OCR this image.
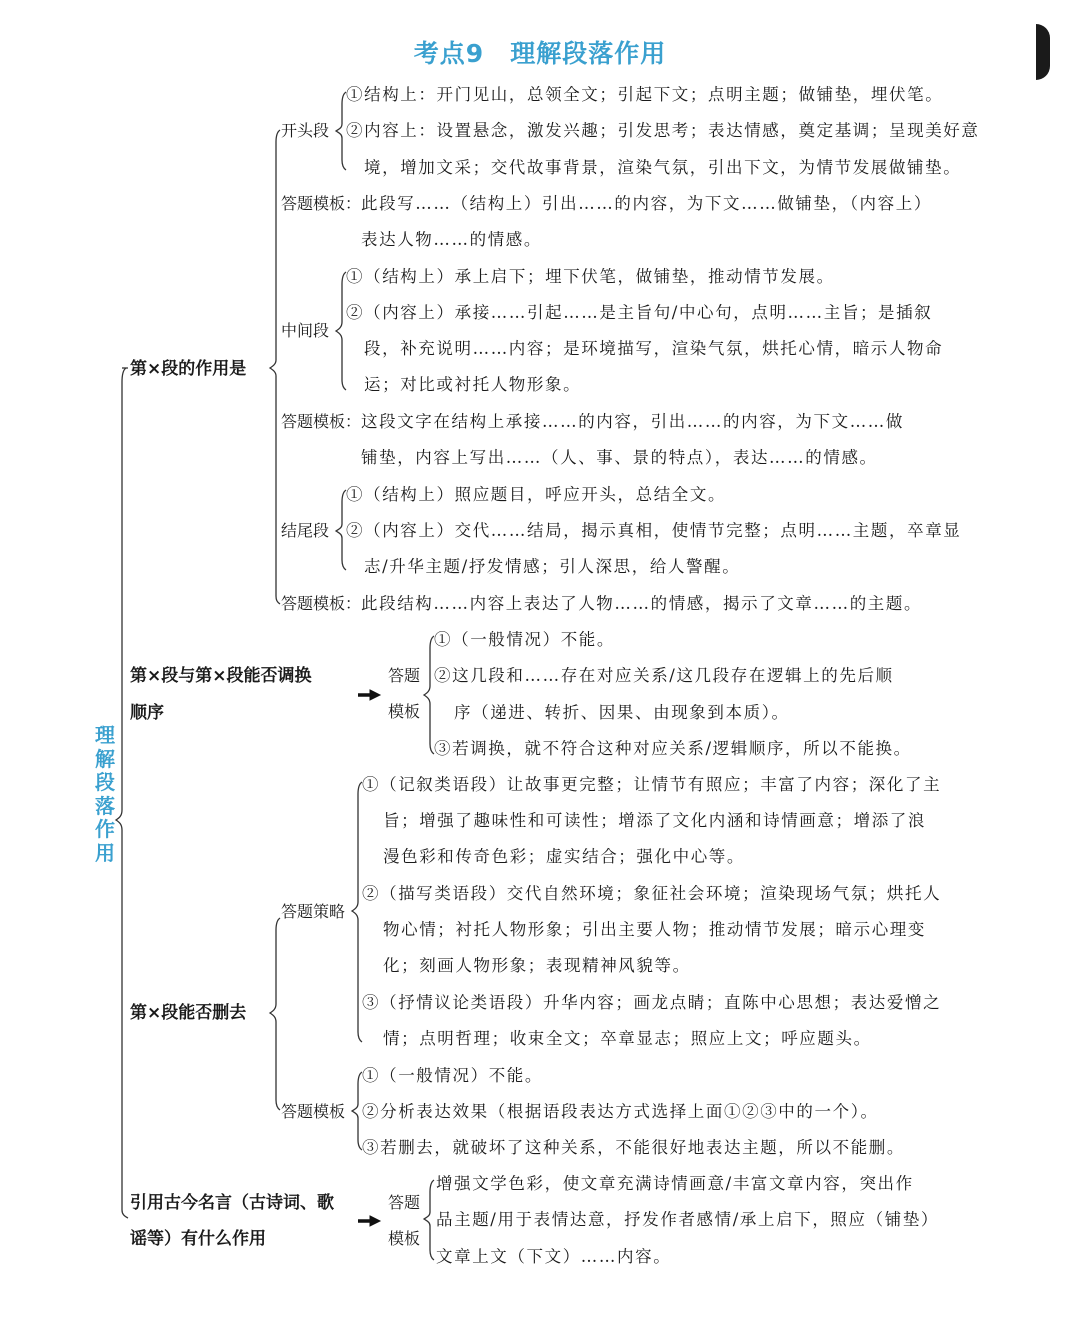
考点9　理解段落作用
理
解
段
落
作
用
第×段的作用是
开头段
①结构上：开门见山，总领全文；引起下文；点明主题；做铺垫，埋伏笔。
②内容上：设置悬念，激发兴趣；引发思考；表达情感，奠定基调；呈现美好意
境，增加文采；交代故事背景，渲染气氛，引出下文，为情节发展做铺垫。
答题模板： 此段写……（结构上）引出……的内容，为下文……做铺垫，（内容上）
表达人物……的情感。
中间段
①（结构上）承上启下；埋下伏笔，做铺垫，推动情节发展。
②（内容上）承接……引起……是主旨句/中心句，点明……主旨；是插叙
段，补充说明……内容；是环境描写，渲染气氛，烘托心情，暗示人物命
运；对比或衬托人物形象。
答题模板： 这段文字在结构上承接……的内容，引出……的内容，为下文……做
铺垫，内容上写出……（人、事、景的特点），表达……的情感。
结尾段
①（结构上）照应题目，呼应开头，总结全文。
②（内容上）交代……结局，揭示真相，使情节完整；点明……主题，卒章显
志/升华主题/抒发情感；引人深思，给人警醒。
答题模板： 此段结构……内容上表达了人物……的情感，揭示了文章……的主题。
第×段与第×段能否调换
顺序
答题
模板
①（一般情况）不能。
②这几段和……存在对应关系/这几段存在逻辑上的先后顺
序（递进、转折、因果、由现象到本质）。
③若调换，就不符合这种对应关系/逻辑顺序，所以不能换。
第×段能否删去
答题策略
①（记叙类语段）让故事更完整；让情节有照应；丰富了内容；深化了主
旨；增强了趣味性和可读性；增添了文化内涵和诗情画意；增添了浪
漫色彩和传奇色彩；虚实结合；强化中心等。
②（描写类语段）交代自然环境；象征社会环境；渲染现场气氛；烘托人
物心情；衬托人物形象；引出主要人物；推动情节发展；暗示心理变
化；刻画人物形象；表现精神风貌等。
③（抒情议论类语段）升华内容；画龙点睛；直陈中心思想；表达爱憎之
情；点明哲理；收束全文；卒章显志；照应上文；呼应题头。
答题模板
①（一般情况）不能。
②分析表达效果（根据语段表达方式选择上面①②③中的一个）。
③若删去，就破坏了这种关系，不能很好地表达主题，所以不能删。
引用古今名言（古诗词、歌
谣等）有什么作用
答题
模板
增强文学色彩，使文章充满诗情画意/丰富文章内容，突出作
品主题/用于表情达意，抒发作者感情/承上启下，照应（铺垫）
文章上文（下文）……内容。
